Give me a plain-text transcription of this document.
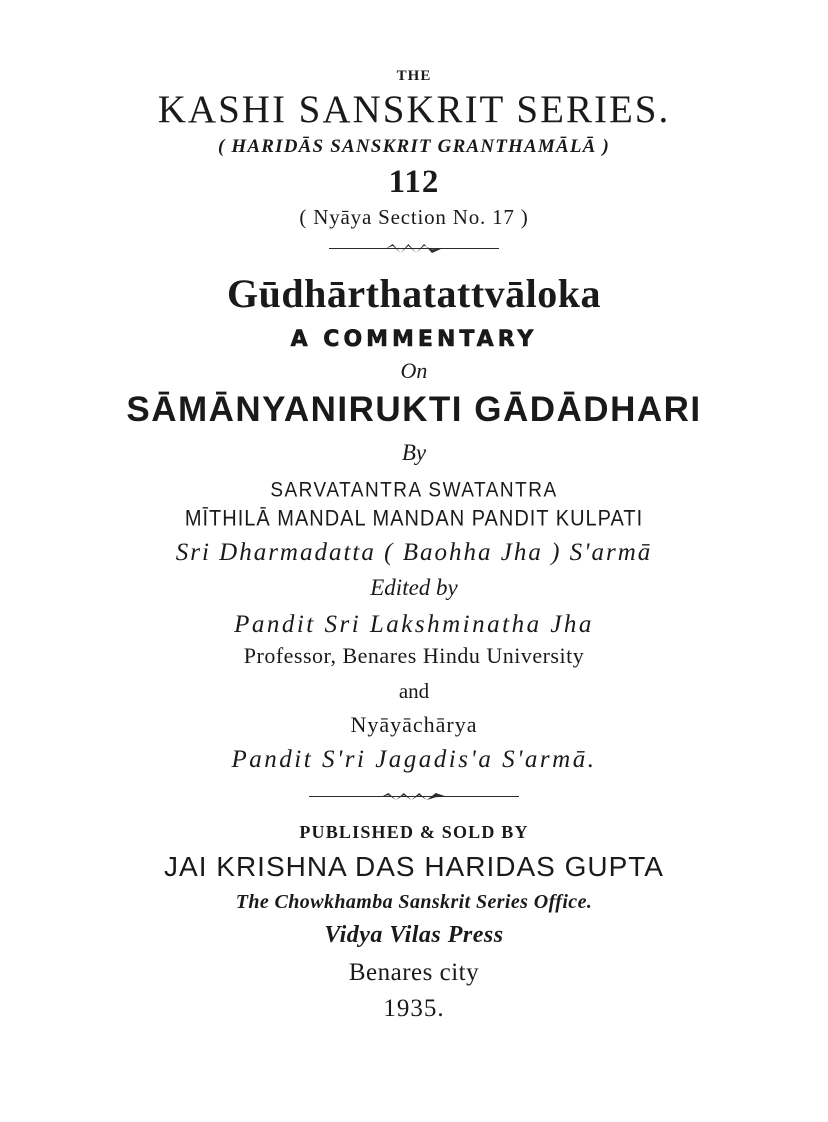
THE
KASHI SANSKRIT SERIES.
( HARIDĀS SANSKRIT GRANTHAMĀLĀ )
112
( Nyāya Section No. 17 )
Gūdhārthatattvāloka
A COMMENTARY
On
SĀMĀNYANIRUKTI GĀDĀDHARI
By
SARVATANTRA SWATANTRA
MĪTHILĀ MANDAL MANDAN PANDIT KULPATI
Sri Dharmadatta ( Baohha Jha ) S'armā
Edited by
Pandit Sri Lakshminatha Jha
Professor, Benares Hindu University
and
Nyāyāchārya
Pandit S'ri Jagadis'a S'armā.
PUBLISHED & SOLD BY
JAI KRISHNA DAS HARIDAS GUPTA
The Chowkhamba Sanskrit Series Office.
Vidya Vilas Press
Benares city
1935.
